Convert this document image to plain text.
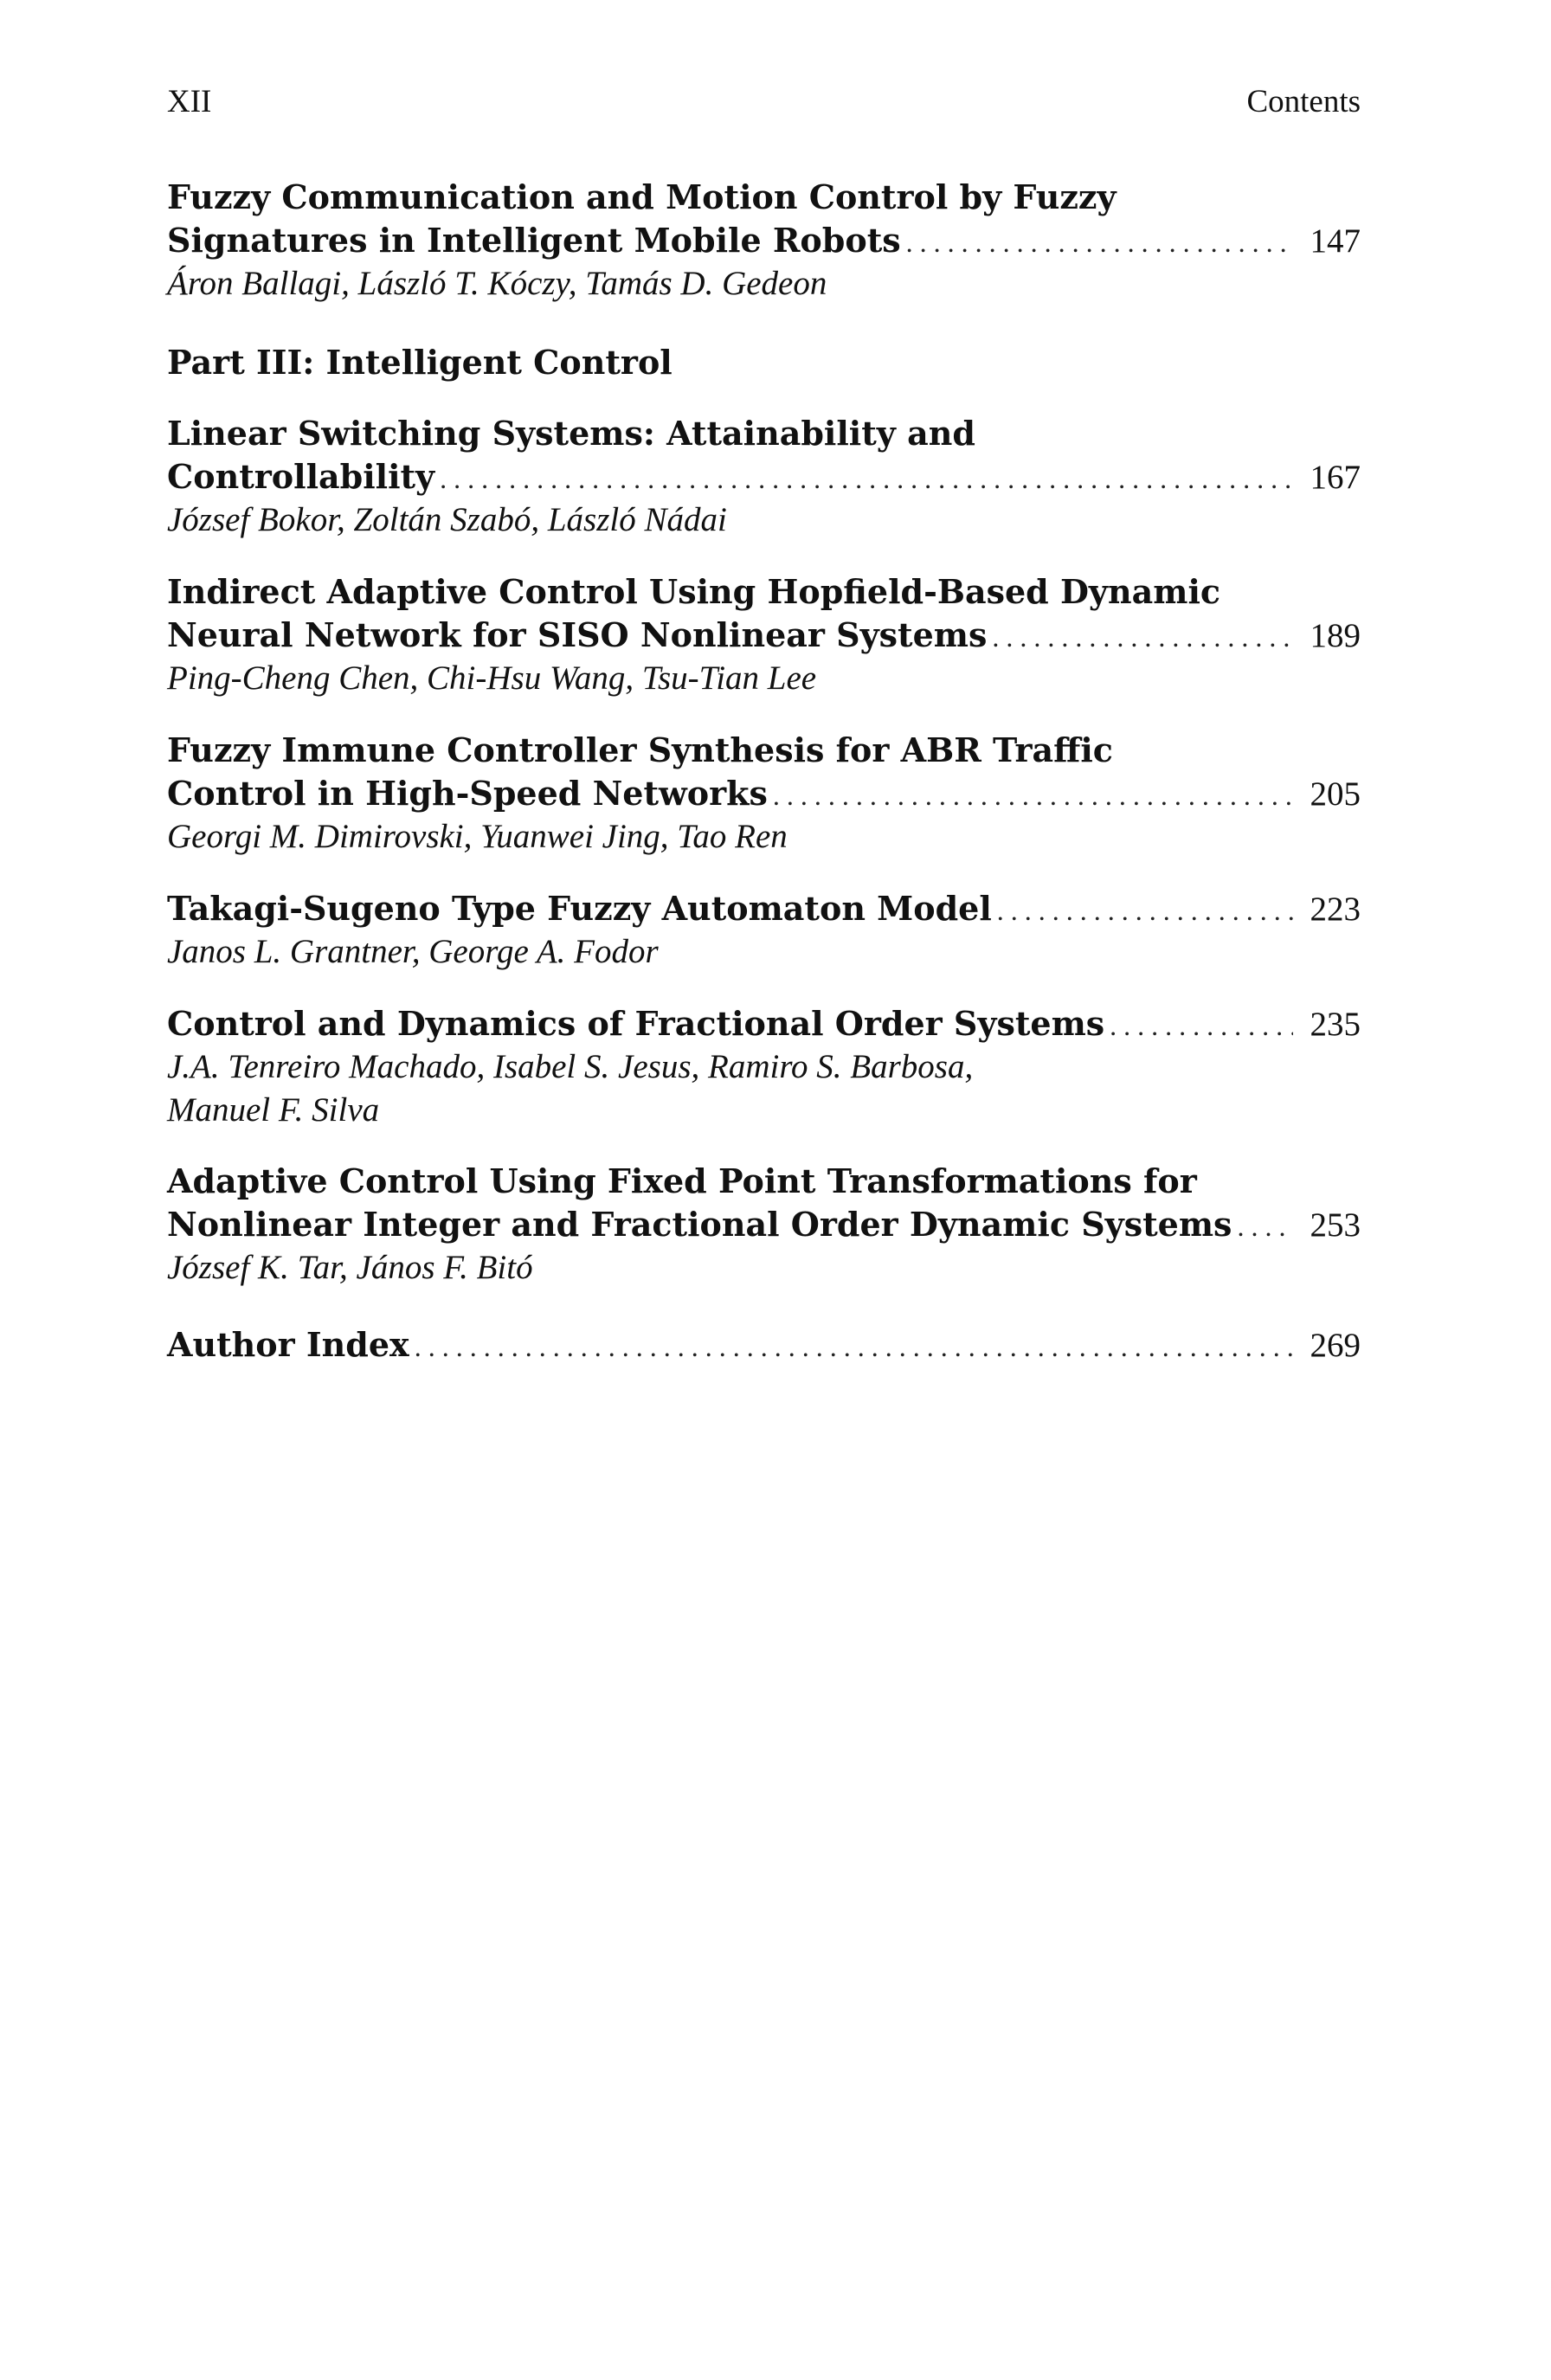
XII	Contents
Fuzzy Communication and Motion Control by Fuzzy
Signatures in Intelligent Mobile Robots . . .	147
Áron Ballagi, László T. Kóczy, Tamás D. Gedeon
Part III: Intelligent Control
Linear Switching Systems: Attainability and
Controllability . . .	167
József Bokor, Zoltán Szabó, László Nádai
Indirect Adaptive Control Using Hopfield-Based Dynamic
Neural Network for SISO Nonlinear Systems . . .	189
Ping-Cheng Chen, Chi-Hsu Wang, Tsu-Tian Lee
Fuzzy Immune Controller Synthesis for ABR Traffic
Control in High-Speed Networks . . .	205
Georgi M. Dimirovski, Yuanwei Jing, Tao Ren
Takagi-Sugeno Type Fuzzy Automaton Model . . .	223
Janos L. Grantner, George A. Fodor
Control and Dynamics of Fractional Order Systems . . .	235
J.A. Tenreiro Machado, Isabel S. Jesus, Ramiro S. Barbosa,
Manuel F. Silva
Adaptive Control Using Fixed Point Transformations for
Nonlinear Integer and Fractional Order Dynamic Systems . . . 253
József K. Tar, János F. Bitó
Author Index . . .	269
